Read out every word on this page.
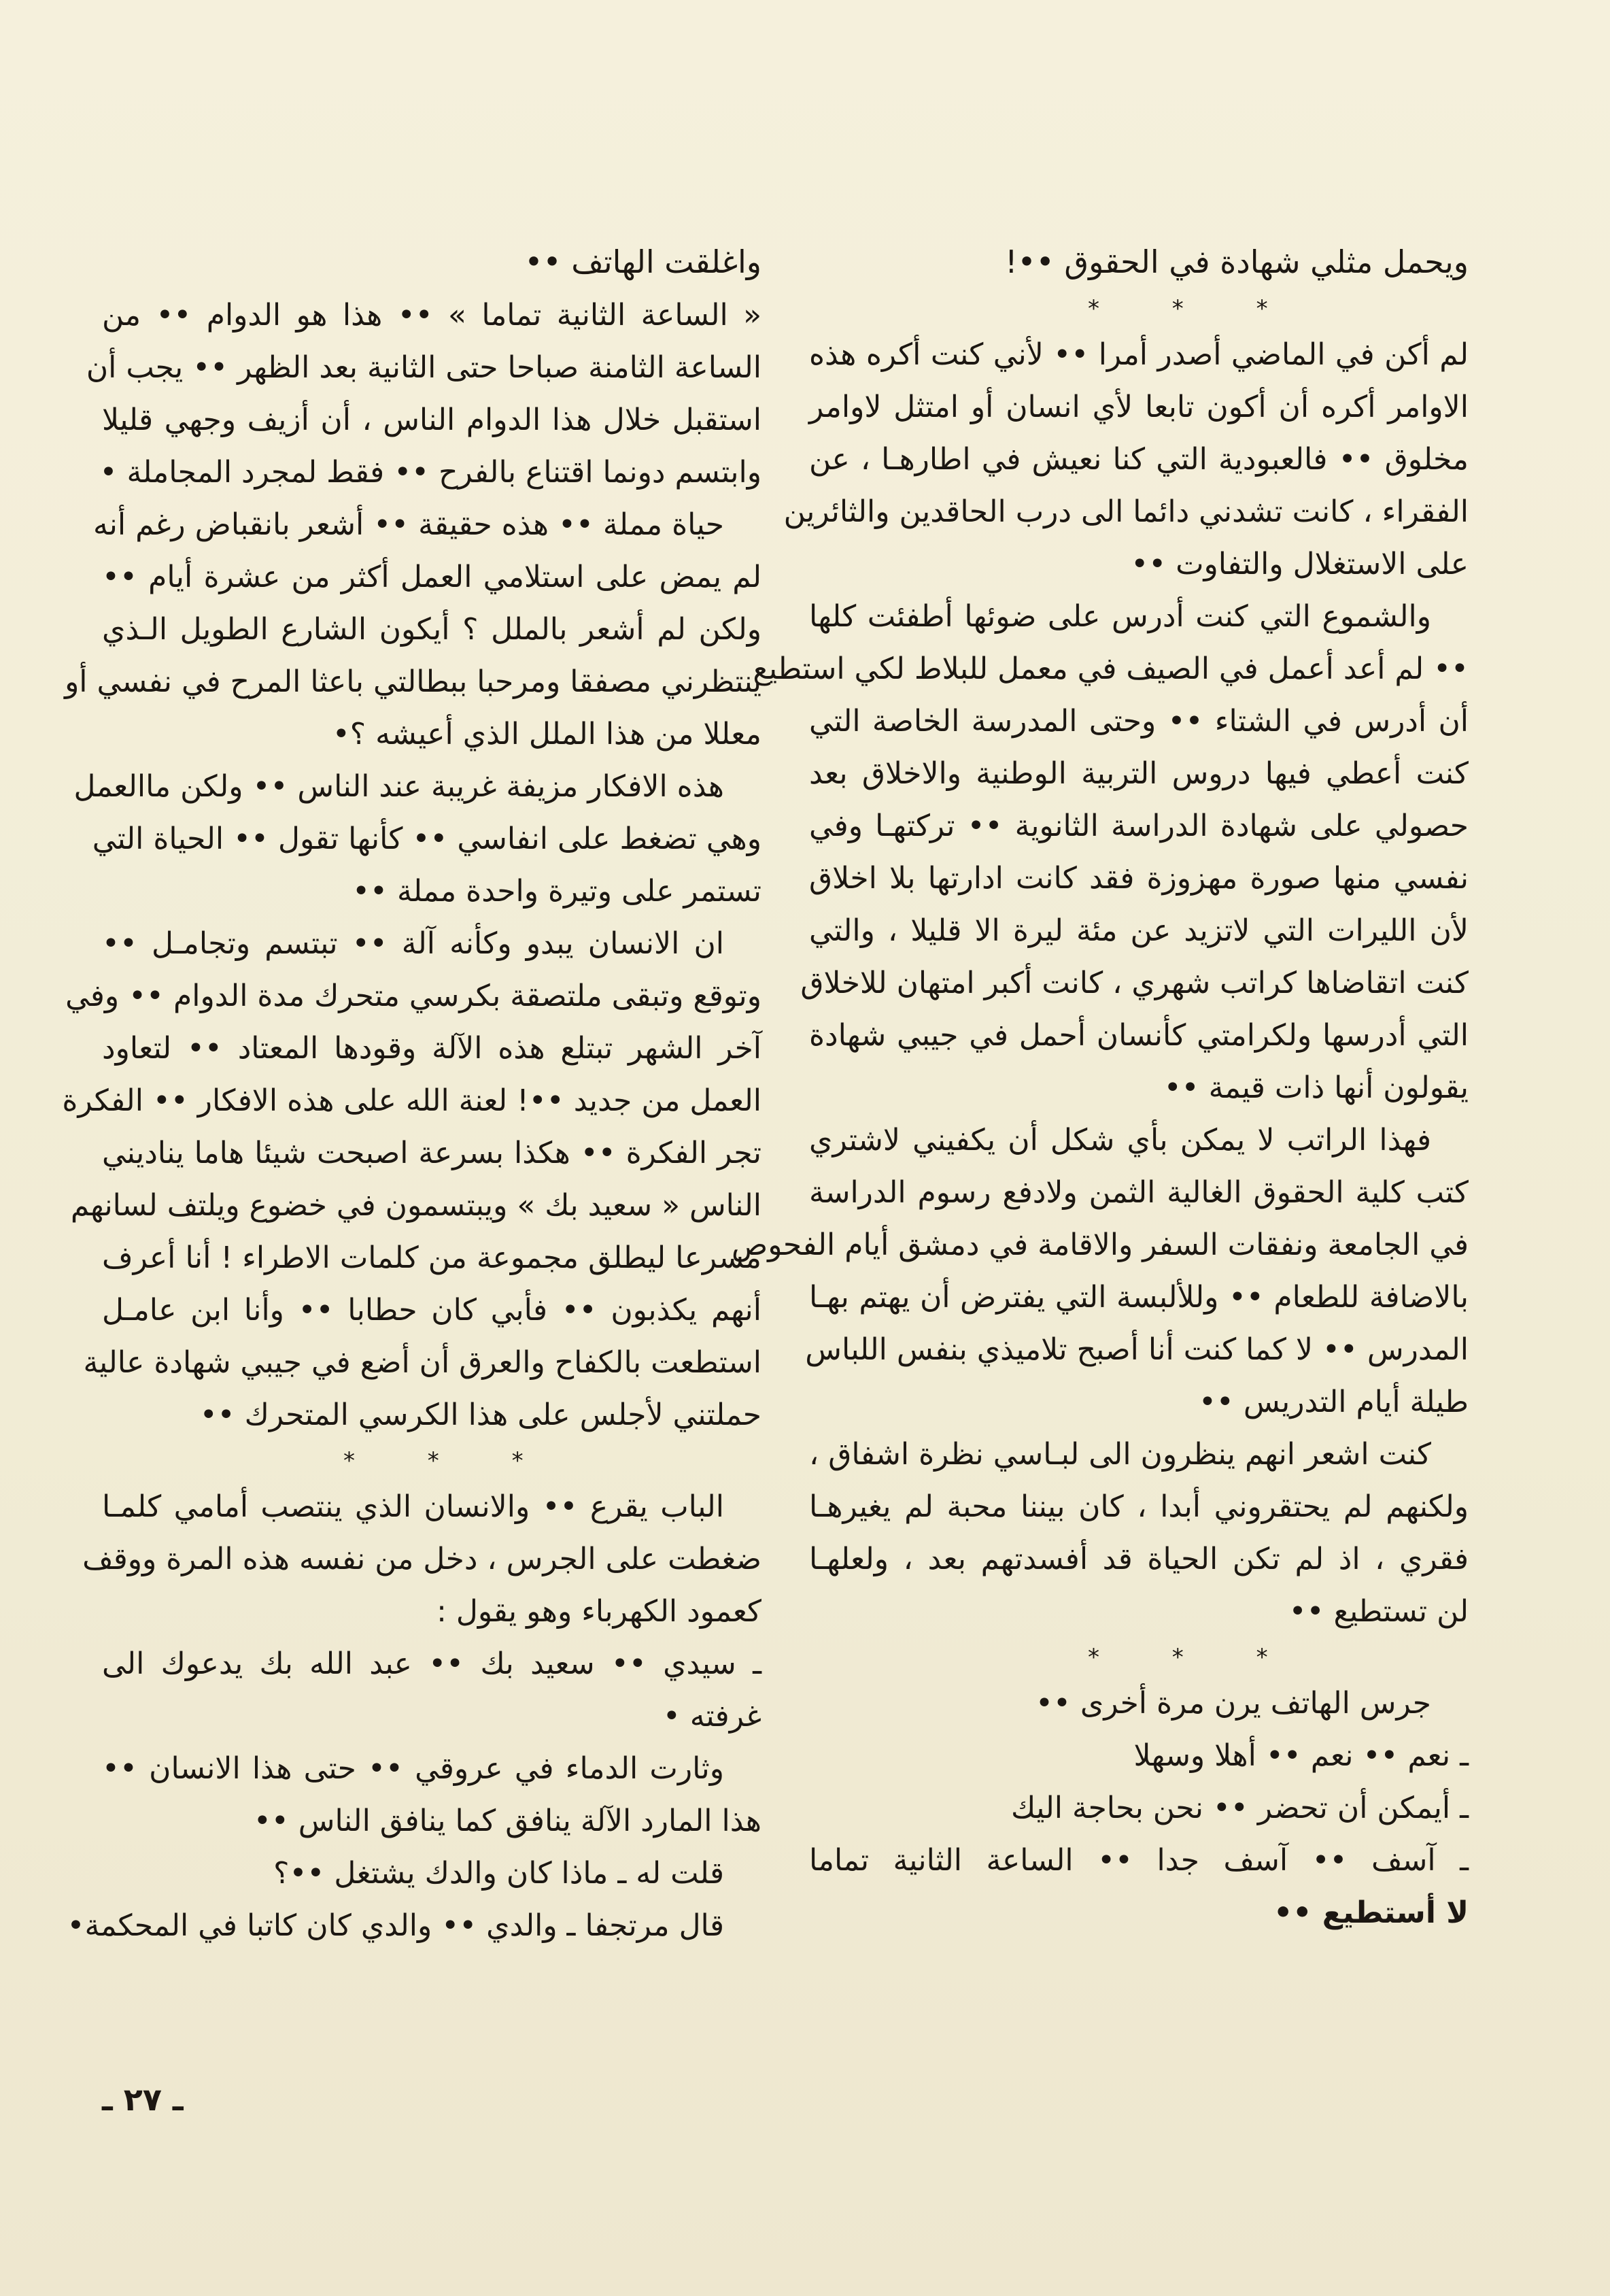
ويحمل مثلي شهادة في الحقوق ••!
* * *
لم أكن في الماضي أصدر أمرا •• لأني كنت أكره هذه
الاوامر أكره أن أكون تابعا لأي انسان أو امتثل لاوامر
مخلوق •• فالعبودية التي كنا نعيش في اطارهـا ، عن
الفقراء ، كانت تشدني دائما الى درب الحاقدين والثائرين
على الاستغلال والتفاوت ••
والشموع التي كنت أدرس على ضوئها أطفئت كلها
•• لم أعد أعمل في الصيف في معمل للبلاط لكي استطيع
أن أدرس في الشتاء •• وحتى المدرسة الخاصة التي
كنت أعطي فيها دروس التربية الوطنية والاخلاق بعد
حصولي على شهادة الدراسة الثانوية •• تركتهـا وفي
نفسي منها صورة مهزوزة فقد كانت ادارتها بلا اخلاق
لأن الليرات التي لاتزيد عن مئة ليرة الا قليلا ، والتي
كنت اتقاضاها كراتب شهري ، كانت أكبر امتهان للاخلاق
التي أدرسها ولكرامتي كأنسان أحمل في جيبي شهادة
يقولون أنها ذات قيمة ••
فهذا الراتب لا يمكن بأي شكل أن يكفيني لاشتري
كتب كلية الحقوق الغالية الثمن ولادفع رسوم الدراسة
في الجامعة ونفقات السفر والاقامة في دمشق أيام الفحوص
بالاضافة للطعام •• وللألبسة التي يفترض أن يهتم بهـا
المدرس •• لا كما كنت أنا أصبح تلاميذي بنفس اللباس
طيلة أيام التدريس ••
كنت اشعر انهم ينظرون الى لبـاسي نظرة اشفاق ،
ولكنهم لم يحتقروني أبدا ، كان بيننا محبة لم يغيرهـا
فقري ، اذ لم تكن الحياة قد أفسدتهم بعد ، ولعلهـا
لن تستطيع ••
* * *
جرس الهاتف يرن مرة أخرى ••
ـ نعم •• نعم •• أهلا وسهلا
ـ أيمكن أن تحضر •• نحن بحاجة اليك
ـ آسف •• آسف جدا •• الساعة الثانية تماما
لا أستطيع ••
واغلقت الهاتف ••
« الساعة الثانية تماما » •• هذا هو الدوام •• من
الساعة الثامنة صباحا حتى الثانية بعد الظهر •• يجب أن
استقبل خلال هذا الدوام الناس ، أن أزيف وجهي قليلا
وابتسم دونما اقتناع بالفرح •• فقط لمجرد المجاملة •
حياة مملة •• هذه حقيقة •• أشعر بانقباض رغم أنه
لم يمض على استلامي العمل أكثر من عشرة أيام ••
ولكن لم أشعر بالملل ؟ أيكون الشارع الطويل الـذي
ينتظرني مصفقا ومرحبا ببطالتي باعثا المرح في نفسي أو
معللا من هذا الملل الذي أعيشه ؟•
هذه الافكار مزيفة غريبة عند الناس •• ولكن ماالعمل
وهي تضغط على انفاسي •• كأنها تقول •• الحياة التي
تستمر على وتيرة واحدة مملة ••
ان الانسان يبدو وكأنه آلة •• تبتسم وتجامـل ••
وتوقع وتبقى ملتصقة بكرسي متحرك مدة الدوام •• وفي
آخر الشهر تبتلع هذه الآلة وقودها المعتاد •• لتعاود
العمل من جديد ••! لعنة الله على هذه الافكار •• الفكرة
تجر الفكرة •• هكذا بسرعة اصبحت شيئا هاما يناديني
الناس « سعيد بك » ويبتسمون في خضوع ويلتف لسانهم
مسرعا ليطلق مجموعة من كلمات الاطراء ! أنا أعرف
أنهم يكذبون •• فأبي كان حطابا •• وأنا ابن عامـل
استطعت بالكفاح والعرق أن أضع في جيبي شهادة عالية
حملتني لأجلس على هذا الكرسي المتحرك ••
* * *
الباب يقرع •• والانسان الذي ينتصب أمامي كلمـا
ضغطت على الجرس ، دخل من نفسه هذه المرة ووقف
كعمود الكهرباء وهو يقول :
ـ سيدي •• سعيد بك •• عبد الله بك يدعوك الى
غرفته •
وثارت الدماء في عروقي •• حتى هذا الانسان ••
هذا المارد الآلة ينافق كما ينافق الناس ••
قلت له ـ ماذا كان والدك يشتغل ••؟
قال مرتجفا ـ والدي •• والدي كان كاتبا في المحكمة•
ـ ٢٧ ـ
